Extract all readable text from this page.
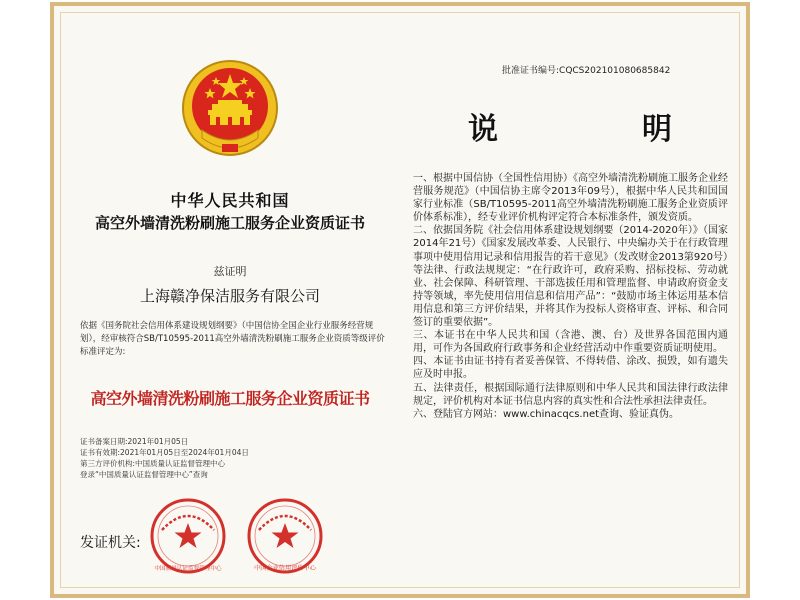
中华人民共和国
高空外墙清洗粉刷施工服务企业资质证书
兹证明
上海赣净保洁服务有限公司
依据《国务院社会信用体系建设规划纲要》（中国信协全国企业行业服务经营规划），经审核符合SB/T10595-2011高空外墙清洗粉刷施工服务企业资质等级评价标准评定为:
高空外墙清洗粉刷施工服务企业资质证书
证书备案日期:2021年01月05日
证书有效期:2021年01月05日至2024年01月04日
第三方评价机构:中国质量认证监督管理中心
登录“中国质量认证监督管理中心”查询
发证机关:
中国质量认证监督管理中心	中国企业信用评价中心
批准证书编号:CQCS202101080685842
说	明

一、根据中国信协（全国性信用协）《高空外墙清洗粉刷施工服务企业经营服务规范》（中国信协主席令2013年09号），根据中华人民共和国国家行业标准（SB/T10595-2011高空外墙清洗粉刷施工服务企业资质评价体系标准），经专业评价机构评定符合本标准条件，颁发资质。

二、依据国务院《社会信用体系建设规划纲要（2014-2020年）》（国家2014年21号）《国家发展改革委、人民银行、中央编办关于在行政管理事项中使用信用记录和信用报告的若干意见》（发改财金2013第920号）等法律、行政法规规定：“在行政许可，政府采购、招标投标、劳动就业、社会保障、科研管理、干部选拔任用和管理监督、申请政府资金支持等领域，率先使用信用信息和信用产品”：“鼓励市场主体运用基本信用信息和第三方评价结果，并将其作为投标人资格审查、评标、和合同签订的重要依据”。

三、本证书在中华人民共和国（含港、澳、台）及世界各国范围内通用，可作为各国政府行政事务和企业经营活动中作重要资质证明使用。

四、本证书由证书持有者妥善保管、不得转借、涂改、损毁，如有遗失应及时申报。

五、法律责任，根据国际通行法律原则和中华人民共和国法律行政法律规定，评价机构对本证书信息内容的真实性和合法性承担法律责任。

六、登陆官方网站：www.chinacqcs.net查询、验证真伪。
